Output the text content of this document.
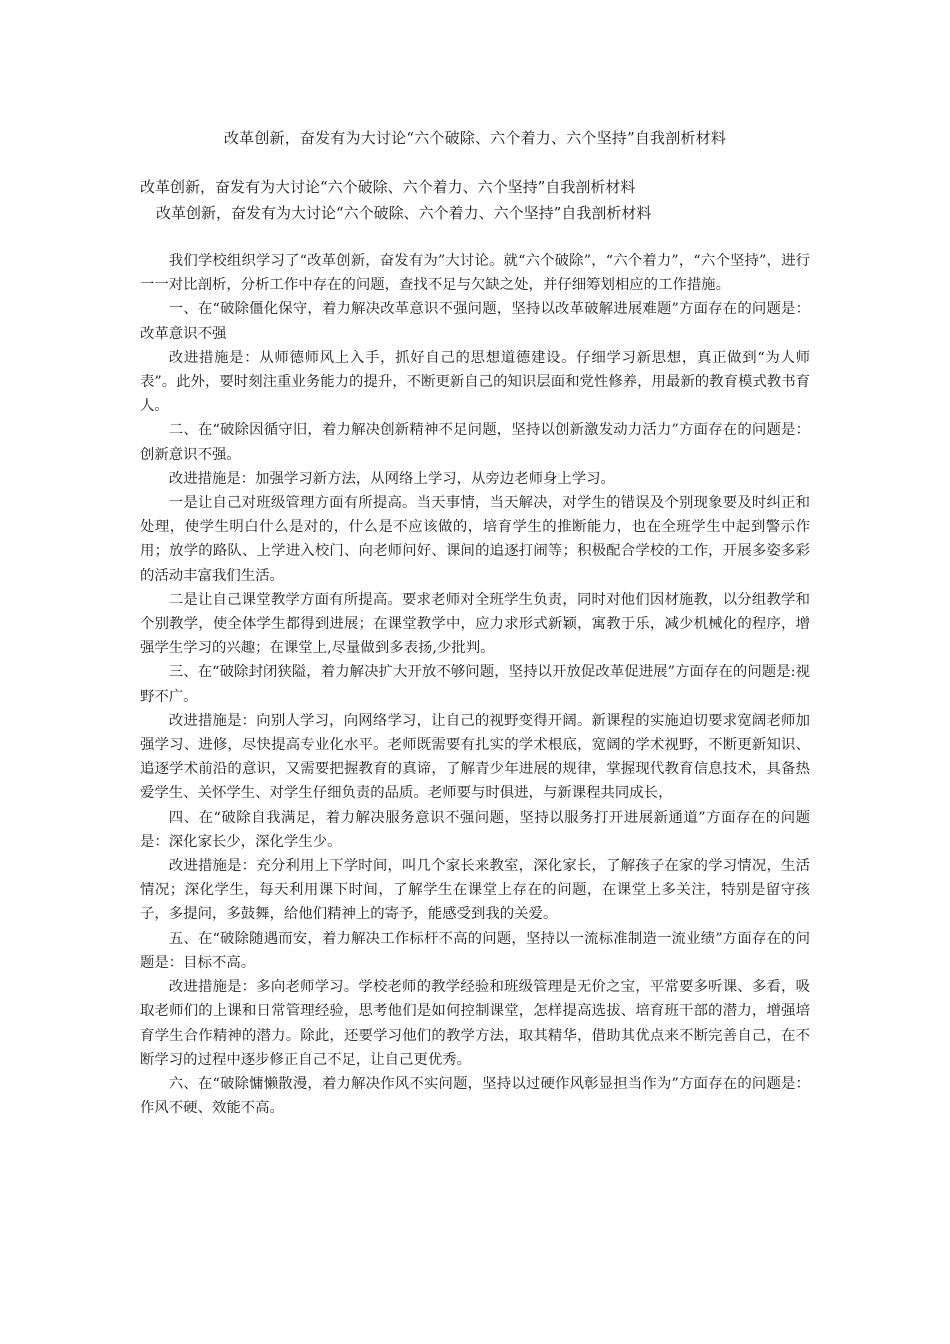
改革创新，奋发有为大讨论“六个破除、六个着力、六个坚持”自我剖析材料
改革创新，奋发有为大讨论“六个破除、六个着力、六个坚持”自我剖析材料
改革创新，奋发有为大讨论“六个破除、六个着力、六个坚持”自我剖析材料

我们学校组织学习了“改革创新，奋发有为”大讨论。就“六个破除”，“六个着力”，“六个坚持”，进行一一对比剖析，分析工作中存在的问题，查找不足与欠缺之处，并仔细筹划相应的工作措施。

一、在“破除僵化保守，着力解决改革意识不强问题，坚持以改革破解进展难题”方面存在的问题是：改革意识不强

改进措施是：从师德师风上入手，抓好自己的思想道德建设。仔细学习新思想，真正做到“为人师表”。此外，要时刻注重业务能力的提升，不断更新自己的知识层面和党性修养，用最新的教育模式教书育人。

二、在“破除因循守旧，着力解决创新精神不足问题，坚持以创新激发动力活力”方面存在的问题是：创新意识不强。

改进措施是：加强学习新方法，从网络上学习，从旁边老师身上学习。

一是让自己对班级管理方面有所提高。当天事情，当天解决，对学生的错误及个别现象要及时纠正和处理，使学生明白什么是对的，什么是不应该做的，培育学生的推断能力，也在全班学生中起到警示作用；放学的路队、上学进入校门、向老师问好、课间的追逐打闹等；积极配合学校的工作，开展多姿多彩的活动丰富我们生活。

二是让自己课堂教学方面有所提高。要求老师对全班学生负责，同时对他们因材施教，以分组教学和个别教学，使全体学生都得到进展；在课堂教学中，应力求形式新颖，寓教于乐，减少机械化的程序，增强学生学习的兴趣；在课堂上,尽量做到多表扬,少批判。

三、在“破除封闭狭隘，着力解决扩大开放不够问题，坚持以开放促改革促进展”方面存在的问题是:视野不广。

改进措施是：向别人学习，向网络学习，让自己的视野变得开阔。新课程的实施迫切要求宽阔老师加强学习、进修，尽快提高专业化水平。老师既需要有扎实的学术根底，宽阔的学术视野，不断更新知识、追逐学术前沿的意识，又需要把握教育的真谛，了解青少年进展的规律，掌握现代教育信息技术，具备热爱学生、关怀学生、对学生仔细负责的品质。老师要与时俱进，与新课程共同成长，

四、在“破除自我满足，着力解决服务意识不强问题，坚持以服务打开进展新通道”方面存在的问题是：深化家长少，深化学生少。

改进措施是：充分利用上下学时间，叫几个家长来教室，深化家长，了解孩子在家的学习情况，生活情况；深化学生，每天利用课下时间，了解学生在课堂上存在的问题，在课堂上多关注，特别是留守孩子，多提问，多鼓舞，给他们精神上的寄予，能感受到我的关爱。

五、在“破除随遇而安，着力解决工作标杆不高的问题，坚持以一流标准制造一流业绩”方面存在的问题是：目标不高。

改进措施是：多向老师学习。学校老师的教学经验和班级管理是无价之宝，平常要多听课、多看，吸取老师们的上课和日常管理经验，思考他们是如何控制课堂，怎样提高选拔、培育班干部的潜力，增强培育学生合作精神的潜力。除此，还要学习他们的教学方法，取其精华，借助其优点来不断完善自己，在不断学习的过程中逐步修正自己不足，让自己更优秀。

六、在“破除慵懒散漫，着力解决作风不实问题，坚持以过硬作风彰显担当作为”方面存在的问题是：作风不硬、效能不高。
